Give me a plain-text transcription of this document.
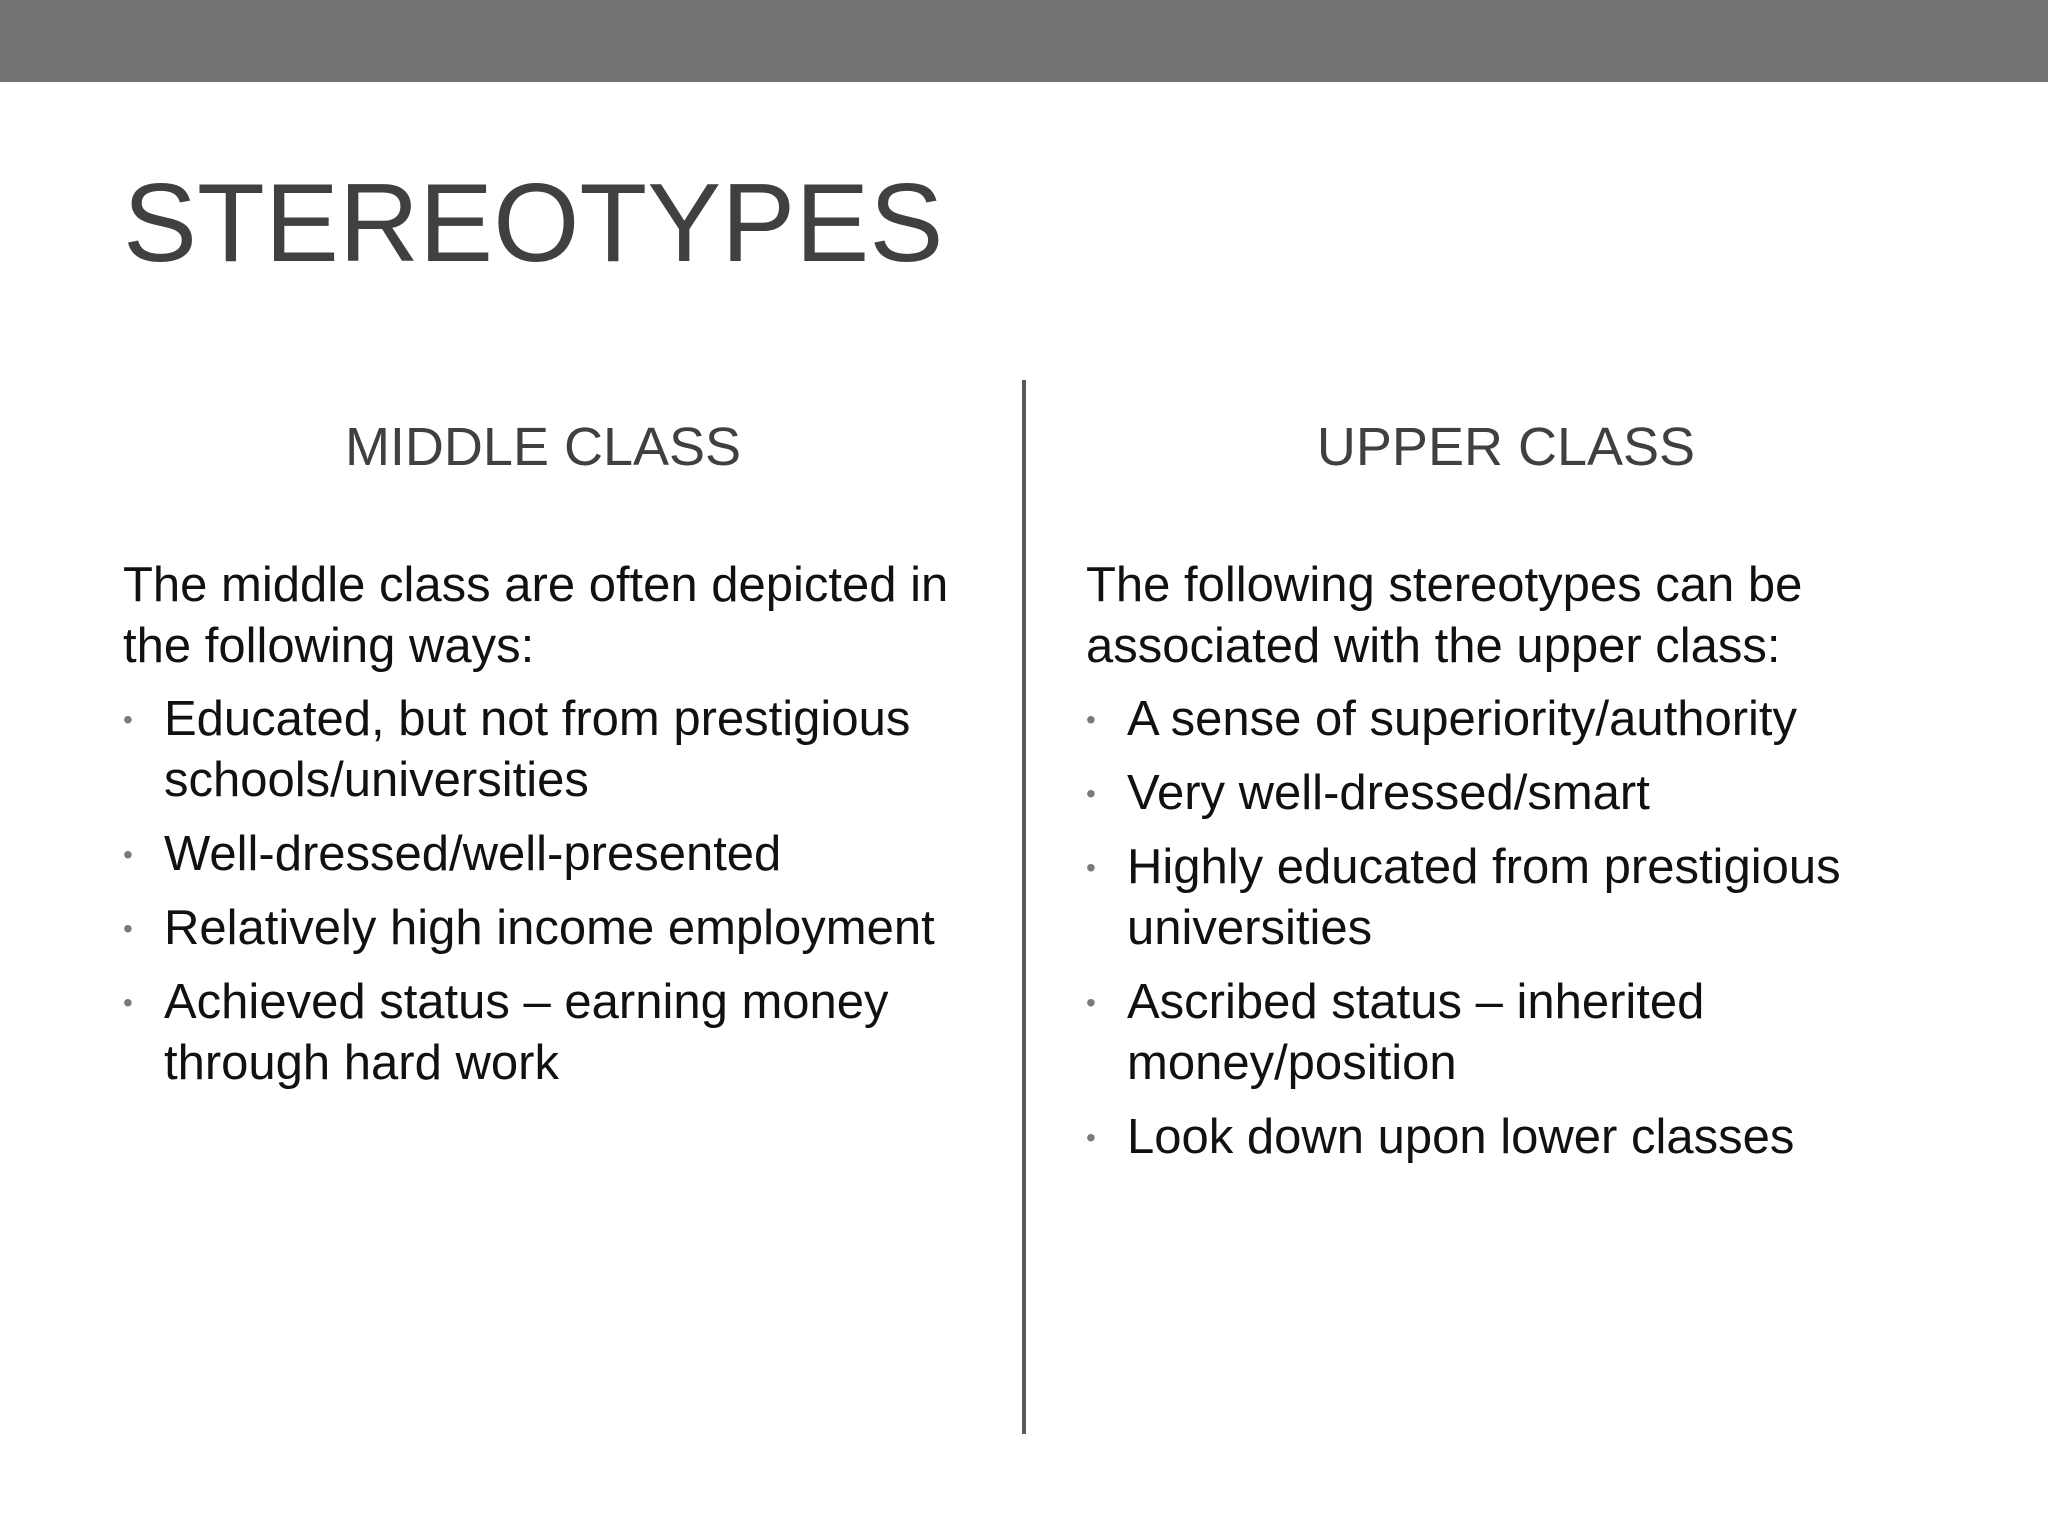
STEREOTYPES
MIDDLE CLASS

The middle class are often depicted in the following ways:

• Educated, but not from prestigious schools/universities
• Well-dressed/well-presented
• Relatively high income employment
• Achieved status – earning money through hard work
UPPER CLASS

The following stereotypes can be associated with the upper class:

• A sense of superiority/authority
• Very well-dressed/smart
• Highly educated from prestigious universities
• Ascribed status – inherited money/position
• Look down upon lower classes
